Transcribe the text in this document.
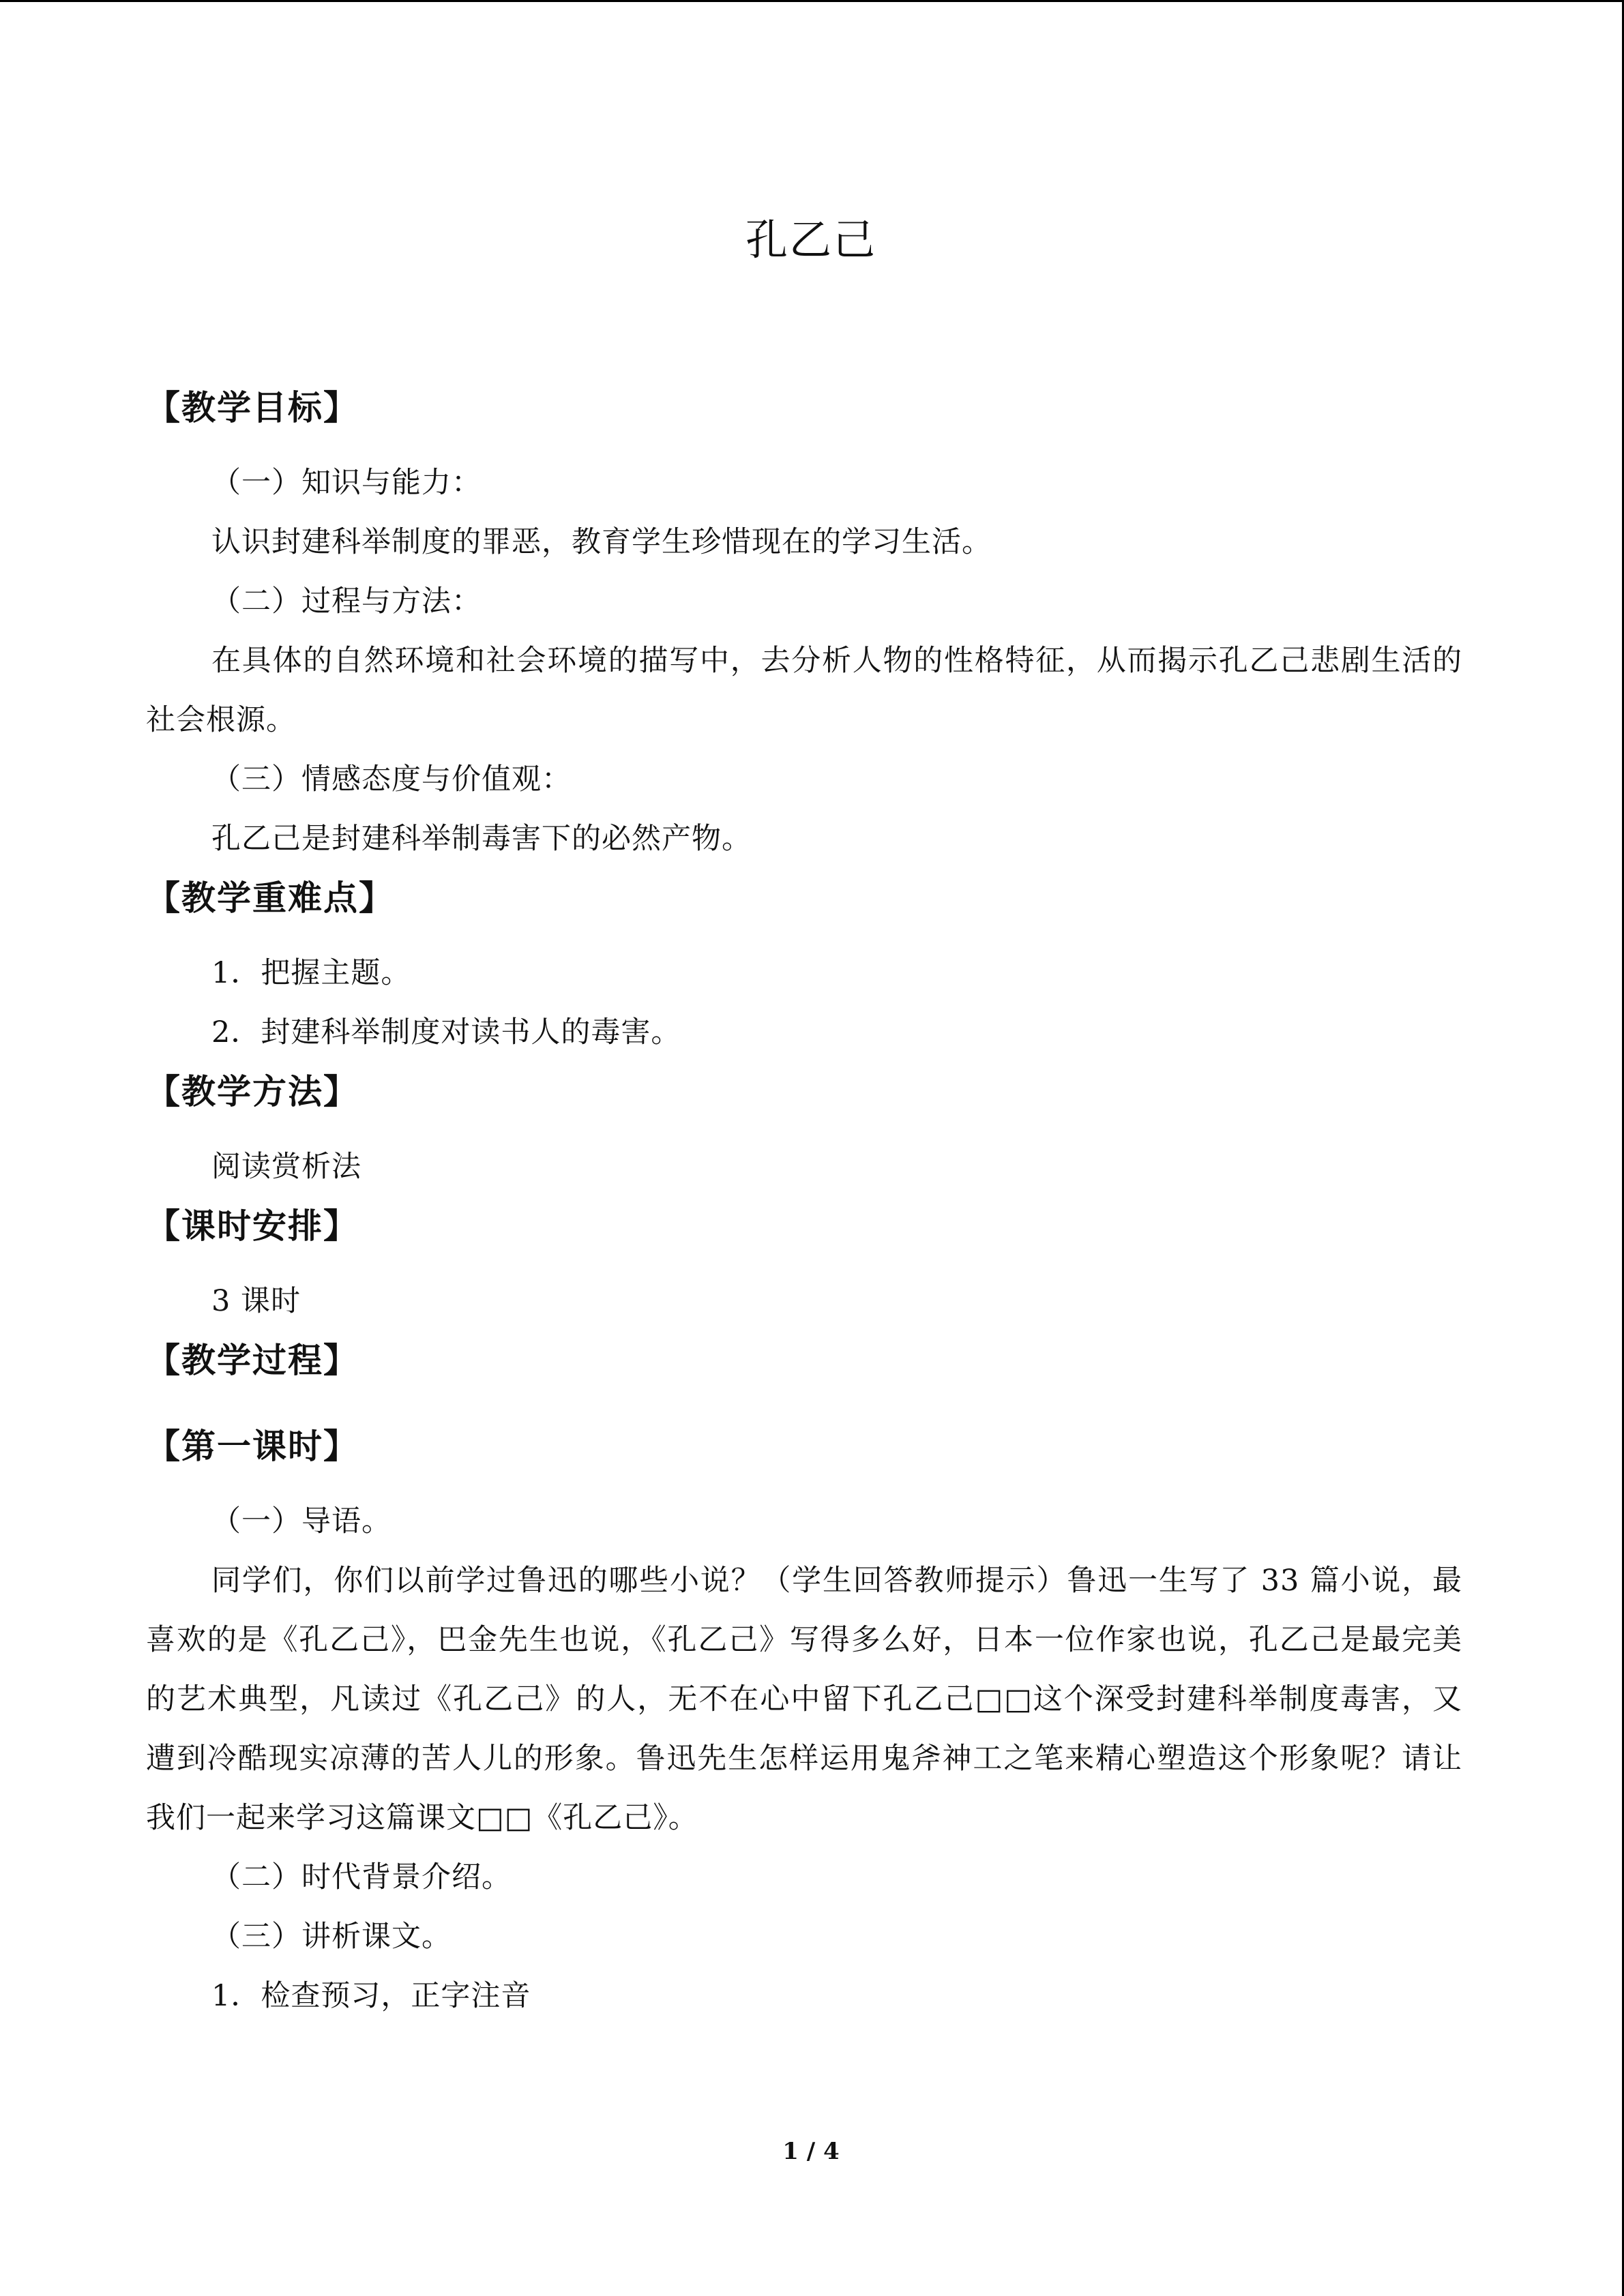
孔乙己
【教学目标】

（一）知识与能力：

认识封建科举制度的罪恶，教育学生珍惜现在的学习生活。

（二）过程与方法：

在具体的自然环境和社会环境的描写中，去分析人物的性格特征，从而揭示孔乙己悲剧生活的社会根源。

（三）情感态度与价值观：

孔乙己是封建科举制毒害下的必然产物。

【教学重难点】

1．把握主题。

2．封建科举制度对读书人的毒害。

【教学方法】

阅读赏析法

【课时安排】

3 课时

【教学过程】
【第一课时】

（一）导语。

同学们，你们以前学过鲁迅的哪些小说？（学生回答教师提示）鲁迅一生写了 33 篇小说，最喜欢的是《孔乙己》，巴金先生也说，《孔乙己》写得多么好，日本一位作家也说，孔乙己是最完美的艺术典型，凡读过《孔乙己》的人，无不在心中留下孔乙己□□这个深受封建科举制度毒害，又遭到冷酷现实凉薄的苦人儿的形象。鲁迅先生怎样运用鬼斧神工之笔来精心塑造这个形象呢？请让我们一起来学习这篇课文□□《孔乙己》。

（二）时代背景介绍。

（三）讲析课文。

1．检查预习，正字注音

1 / 4
